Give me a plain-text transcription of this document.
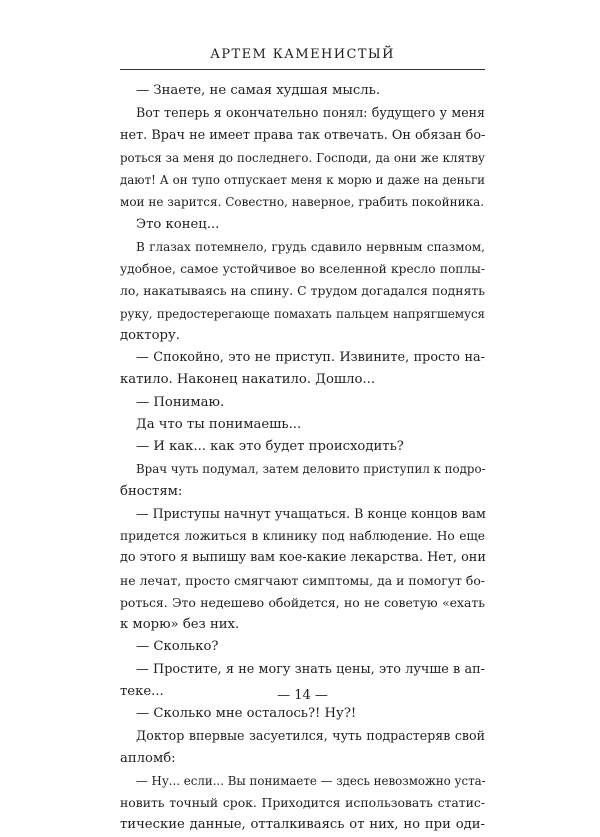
АРТЕМ КАМЕНИСТЫЙ
— Знаете, не самая худшая мысль.
Вот теперь я окончательно понял: будущего у меня
нет. Врач не имеет права так отвечать. Он обязан бо-
роться за меня до последнего. Господи, да они же клятву
дают! А он тупо отпускает меня к морю и даже на деньги
мои не зарится. Совестно, наверное, грабить покойника.
Это конец...
В глазах потемнело, грудь сдавило нервным спазмом,
удобное, самое устойчивое во вселенной кресло поплы-
ло, накатываясь на спину. С трудом догадался поднять
руку, предостерегающе помахать пальцем напрягшемуся
доктору.
— Спокойно, это не приступ. Извините, просто на-
катило. Наконец накатило. Дошло...
— Понимаю.
Да что ты понимаешь...
— И как... как это будет происходить?
Врач чуть подумал, затем деловито приступил к подро-
бностям:
— Приступы начнут учащаться. В конце концов вам
придется ложиться в клинику под наблюдение. Но еще
до этого я выпишу вам кое-какие лекарства. Нет, они
не лечат, просто смягчают симптомы, да и помогут бо-
роться. Это недешево обойдется, но не советую «ехать
к морю» без них.
— Сколько?
— Простите, я не могу знать цены, это лучше в ап-
теке...
— Сколько мне осталось?! Ну?!
Доктор впервые засуетился, чуть подрастеряв свой
апломб:
— Ну... если... Вы понимаете — здесь невозможно уста-
новить точный срок. Приходится использовать статис-
тические данные, отталкиваясь от них, но при оди-
— 14 —
